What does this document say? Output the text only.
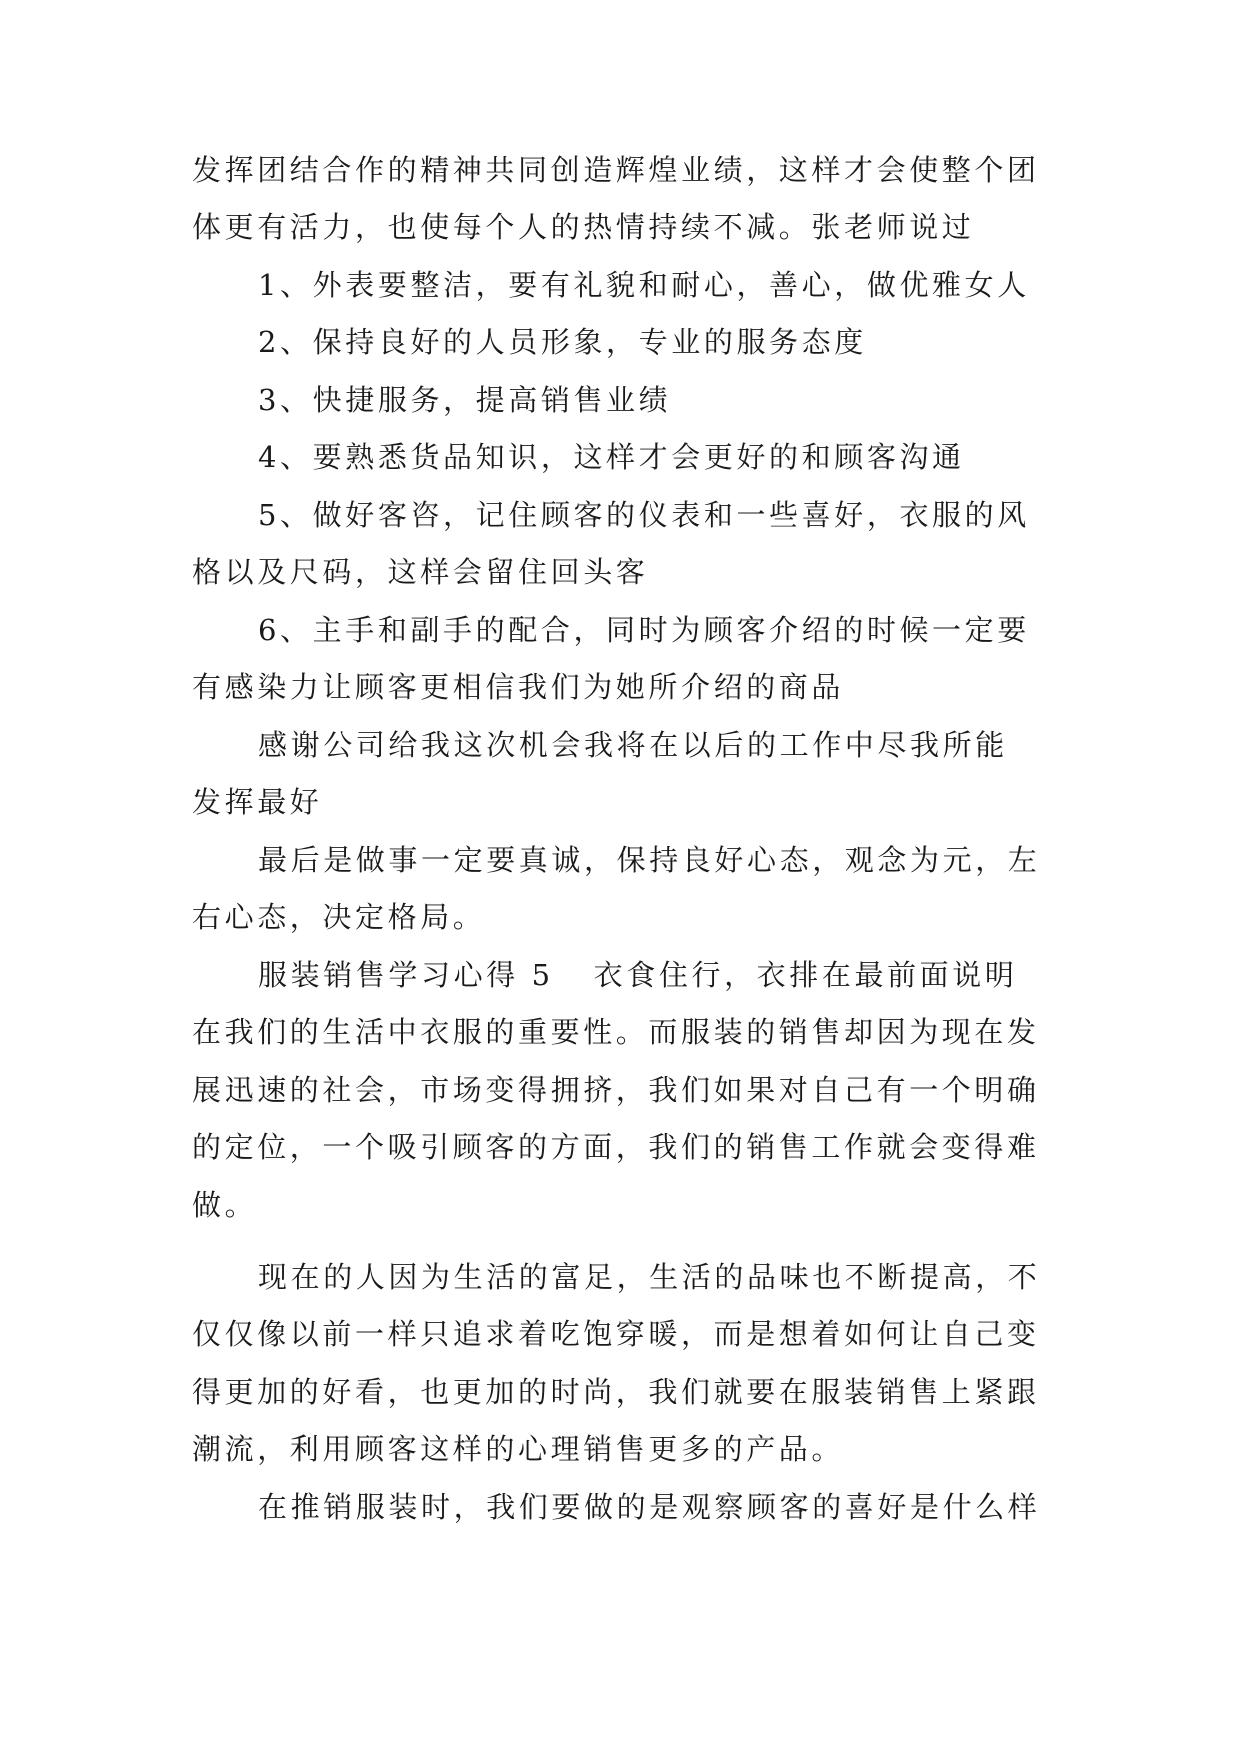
发挥团结合作的精神共同创造辉煌业绩，这样才会使整个团
体更有活力，也使每个人的热情持续不减。张老师说过
1、外表要整洁，要有礼貌和耐心，善心，做优雅女人
2、保持良好的人员形象，专业的服务态度
3、快捷服务，提高销售业绩
4、要熟悉货品知识，这样才会更好的和顾客沟通
5、做好客咨，记住顾客的仪表和一些喜好，衣服的风
格以及尺码，这样会留住回头客
6、主手和副手的配合，同时为顾客介绍的时候一定要
有感染力让顾客更相信我们为她所介绍的商品
感谢公司给我这次机会我将在以后的工作中尽我所能
发挥最好
最后是做事一定要真诚，保持良好心态，观念为元，左
右心态，决定格局。
服装销售学习心得 5 衣食住行，衣排在最前面说明
在我们的生活中衣服的重要性。而服装的销售却因为现在发
展迅速的社会，市场变得拥挤，我们如果对自己有一个明确
的定位，一个吸引顾客的方面，我们的销售工作就会变得难
做。
现在的人因为生活的富足，生活的品味也不断提高，不
仅仅像以前一样只追求着吃饱穿暖，而是想着如何让自己变
得更加的好看，也更加的时尚，我们就要在服装销售上紧跟
潮流，利用顾客这样的心理销售更多的产品。
在推销服装时，我们要做的是观察顾客的喜好是什么样
